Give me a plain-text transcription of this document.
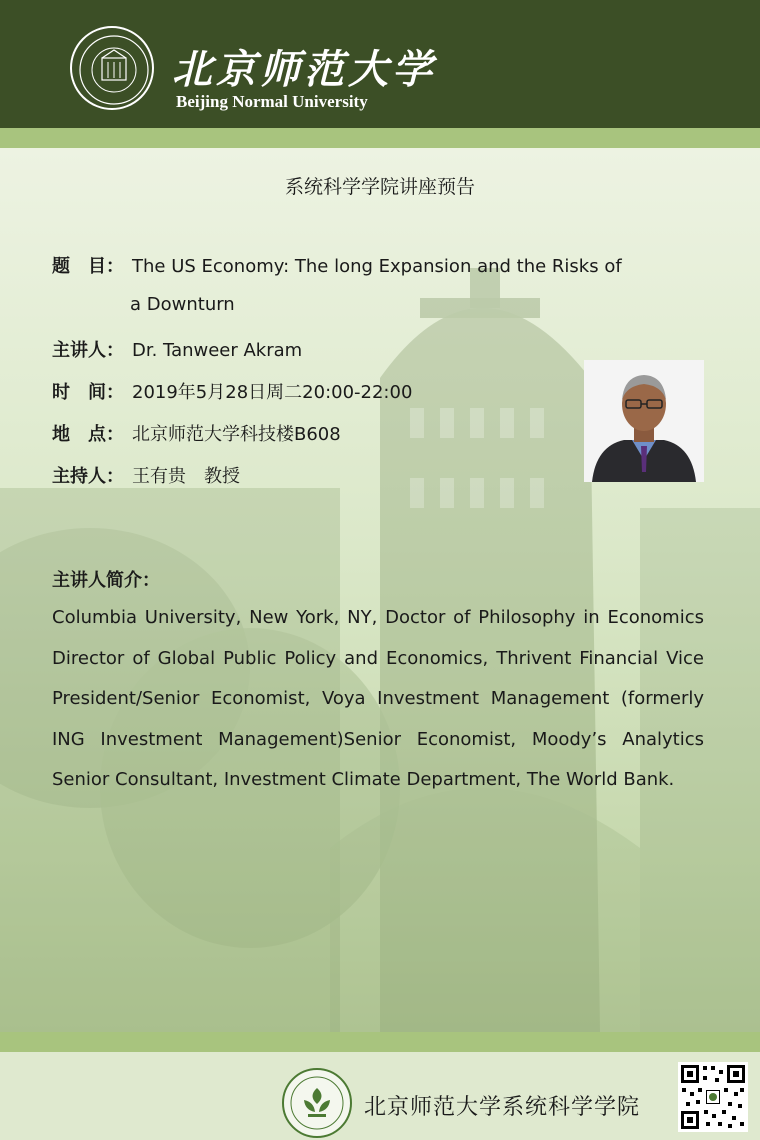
北京师范大学
Beijing Normal University
系统科学学院讲座预告
题　目： The US Economy: The long Expansion and the Risks of
a Downturn
主讲人： Dr. Tanweer Akram
时　间： 2019年5月28日周二20:00-22:00
地　点： 北京师范大学科技楼B608
主持人： 王有贵　教授
主讲人简介：
Columbia University, New York, NY, Doctor of Philosophy in Economics Director of Global Public Policy and Economics, Thrivent Financial Vice President/Senior Economist, Voya Investment Management (formerly ING Investment Management)Senior Economist, Moody’s Analytics Senior Consultant, Investment Climate Department, The World Bank.
北京师范大学系统科学学院
